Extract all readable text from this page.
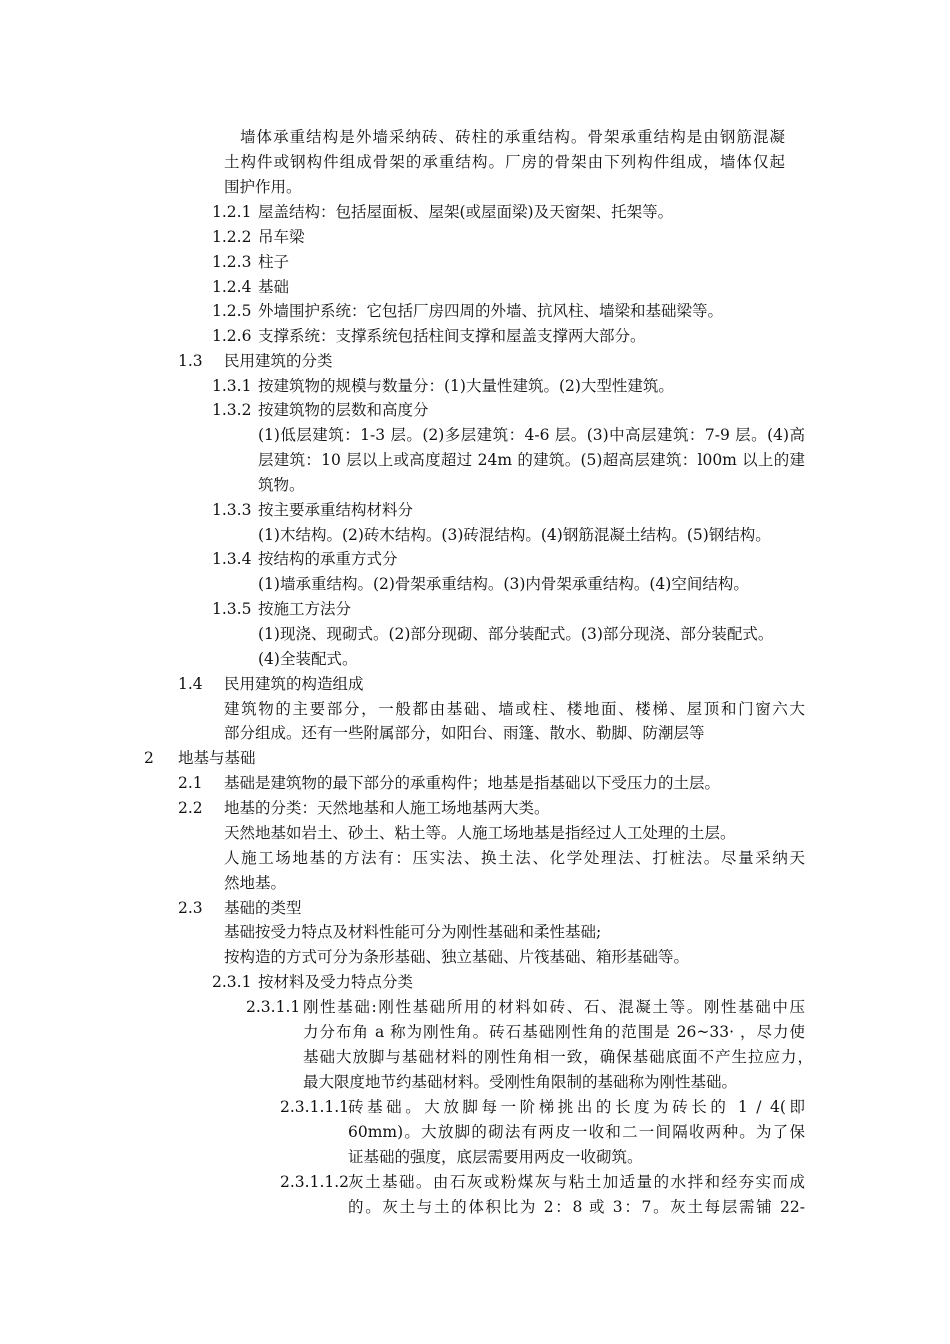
墙体承重结构是外墙采纳砖、砖柱的承重结构。骨架承重结构是由钢筋混凝
土构件或钢构件组成骨架的承重结构。厂房的骨架由下列构件组成，墙体仅起
围护作用。
1.2.1 屋盖结构：包括屋面板、屋架(或屋面梁)及天窗架、托架等。
1.2.2 吊车梁
1.2.3 柱子
1.2.4 基础
1.2.5 外墙围护系统：它包括厂房四周的外墙、抗风柱、墙梁和基础梁等。
1.2.6 支撑系统：支撑系统包括柱间支撑和屋盖支撑两大部分。
1.3 民用建筑的分类
1.3.1 按建筑物的规模与数量分：(1)大量性建筑。(2)大型性建筑。
1.3.2 按建筑物的层数和高度分
(1)低层建筑：1-3 层。(2)多层建筑：4-6 层。(3)中高层建筑：7-9 层。(4)高
层建筑：10 层以上或高度超过 24m 的建筑。(5)超高层建筑：l00m 以上的建
筑物。
1.3.3 按主要承重结构材料分
(1)木结构。(2)砖木结构。(3)砖混结构。(4)钢筋混凝土结构。(5)钢结构。
1.3.4 按结构的承重方式分
(1)墙承重结构。(2)骨架承重结构。(3)内骨架承重结构。(4)空间结构。
1.3.5 按施工方法分
(1)现浇、现砌式。(2)部分现砌、部分装配式。(3)部分现浇、部分装配式。
(4)全装配式。
1.4 民用建筑的构造组成
建筑物的主要部分，一般都由基础、墙或柱、楼地面、楼梯、屋顶和门窗六大
部分组成。还有一些附属部分，如阳台、雨篷、散水、勒脚、防潮层等
2 地基与基础
2.1 基础是建筑物的最下部分的承重构件；地基是指基础以下受压力的土层。
2.2 地基的分类：天然地基和人施工场地基两大类。
天然地基如岩土、砂土、粘土等。人施工场地基是指经过人工处理的土层。
人施工场地基的方法有：压实法、换土法、化学处理法、打桩法。尽量采纳天
然地基。
2.3 基础的类型
基础按受力特点及材料性能可分为刚性基础和柔性基础;
按构造的方式可分为条形基础、独立基础、片筏基础、箱形基础等。
2.3.1 按材料及受力特点分类
2.3.1.1 刚性基础:刚性基础所用的材料如砖、石、混凝土等。刚性基础中压
力分布角 a 称为刚性角。砖石基础刚性角的范围是 26~33· ，尽力使
基础大放脚与基础材料的刚性角相一致，确保基础底面不产生拉应力，
最大限度地节约基础材料。受刚性角限制的基础称为刚性基础。
2.3.1.1.1
砖基础。大放脚每一阶梯挑出的长度为砖长的 1 / 4(即
60mm)。大放脚的砌法有两皮一收和二一间隔收两种。为了保
证基础的强度，底层需要用两皮一收砌筑。
2.3.1.1.2
灰土基础。由石灰或粉煤灰与粘土加适量的水拌和经夯实而成
的。灰土与土的体积比为 2：8 或 3：7。灰土每层需铺 22-
